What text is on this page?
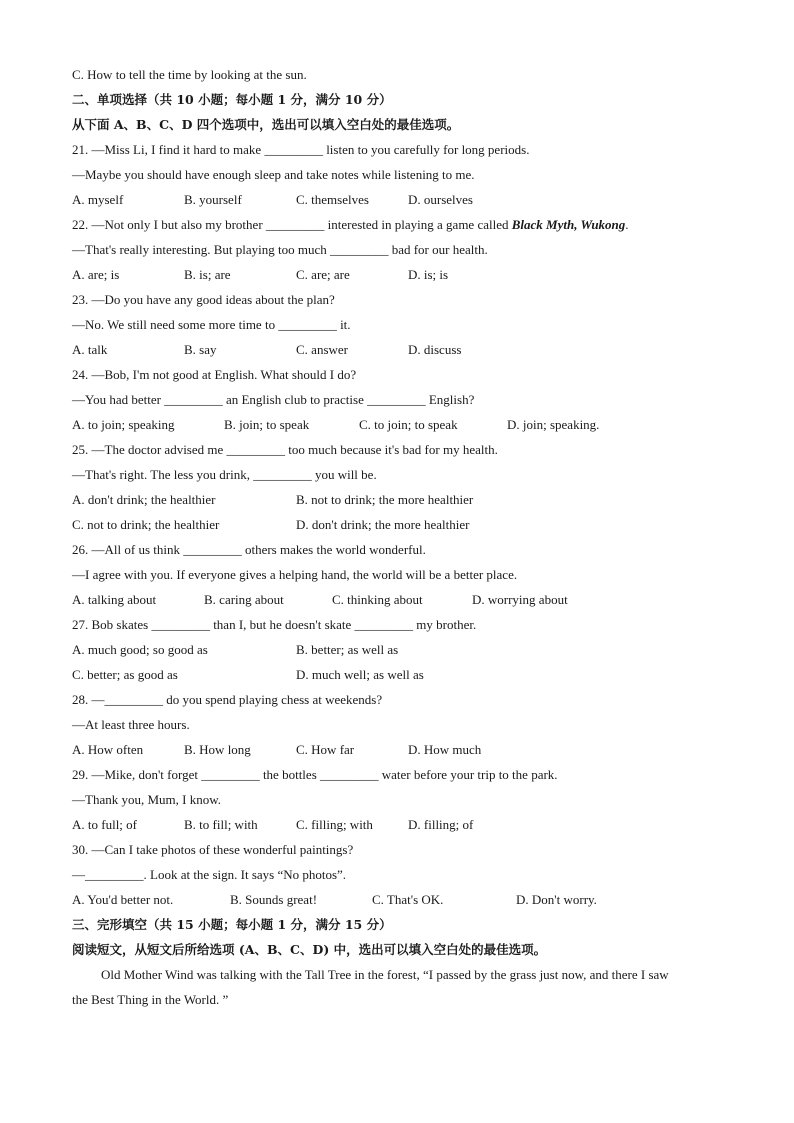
C. How to tell the time by looking at the sun.
二、单项选择（共 10 小题；每小题 1 分，满分 10 分）
从下面 A、B、C、D 四个选项中，选出可以填入空白处的最佳选项。
21. —Miss Li, I find it hard to make _________ listen to you carefully for long periods.
—Maybe you should have enough sleep and take notes while listening to me.
A. myself	B. yourself	C. themselves	D. ourselves
22. —Not only I but also my brother _________ interested in playing a game called Black Myth, Wukong.
—That's really interesting. But playing too much _________ bad for our health.
A. are; is	B. is; are	C. are; are	D. is; is
23. —Do you have any good ideas about the plan?
—No. We still need some more time to _________ it.
A. talk	B. say	C. answer	D. discuss
24. —Bob, I'm not good at English. What should I do?
—You had better _________ an English club to practise _________ English?
A. to join; speaking	B. join; to speak	C. to join; to speak	D. join; speaking.
25. —The doctor advised me _________ too much because it's bad for my health.
—That's right. The less you drink, _________ you will be.
A. don't drink; the healthier	B. not to drink; the more healthier
C. not to drink; the healthier	D. don't drink; the more healthier
26. —All of us think _________ others makes the world wonderful.
—I agree with you. If everyone gives a helping hand, the world will be a better place.
A. talking about	B. caring about	C. thinking about	D. worrying about
27. Bob skates _________ than I, but he doesn't skate _________ my brother.
A. much good; so good as	B. better; as well as
C. better; as good as	D. much well; as well as
28. —_________ do you spend playing chess at weekends?
—At least three hours.
A. How often	B. How long	C. How far	D. How much
29. —Mike, don't forget _________ the bottles _________ water before your trip to the park.
—Thank you, Mum, I know.
A. to full; of	B. to fill; with	C. filling; with	D. filling; of
30. —Can I take photos of these wonderful paintings?
—_________. Look at the sign. It says “No photos”.
A. You'd better not.	B. Sounds great!	C. That's OK.	D. Don't worry.
三、完形填空（共 15 小题；每小题 1 分，满分 15 分）
阅读短文，从短文后所给选项 (A、B、C、D) 中，选出可以填入空白处的最佳选项。
Old Mother Wind was talking with the Tall Tree in the forest, “I passed by the grass just now, and there I saw
the Best Thing in the World. ”
